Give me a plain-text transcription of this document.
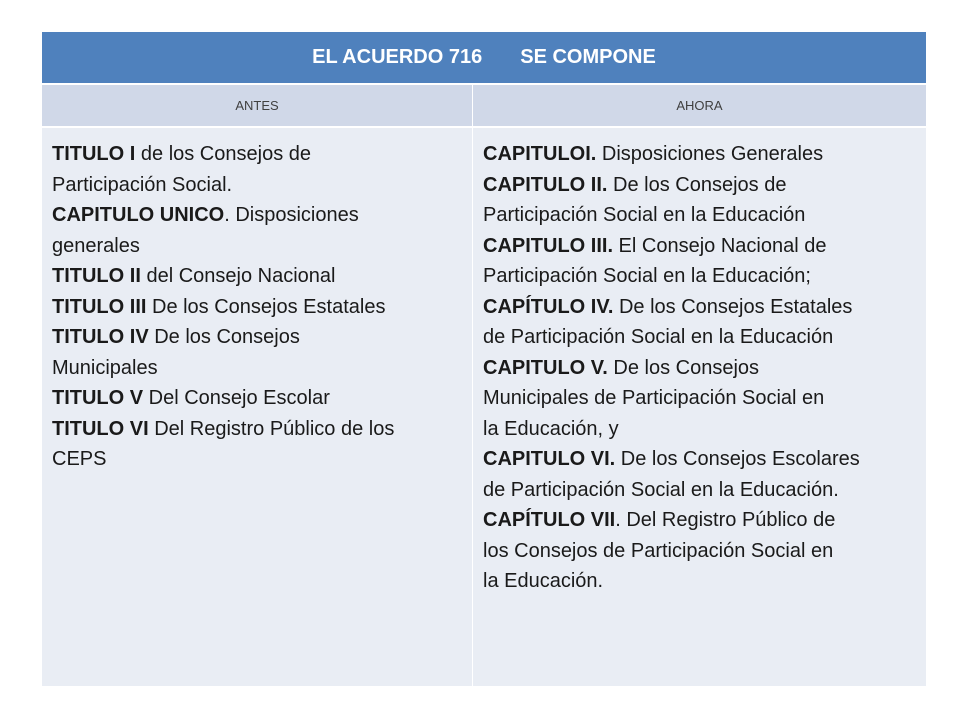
EL ACUERDO 716 SE COMPONE
ANTES	AHORA
TITULO I de los Consejos de
Participación Social.
CAPITULO UNICO. Disposiciones
generales
TITULO II del Consejo Nacional
TITULO III De los Consejos Estatales
TITULO IV De los Consejos
Municipales
TITULO V Del Consejo Escolar
TITULO VI Del Registro Público de los
CEPS
CAPITULOI. Disposiciones Generales
CAPITULO II. De los Consejos de
Participación Social en la Educación
CAPITULO III. El Consejo Nacional de
Participación Social en la Educación;
CAPÍTULO IV. De los Consejos Estatales
de Participación Social en la Educación
CAPITULO V. De los Consejos
Municipales de Participación Social en
la Educación, y
CAPITULO VI. De los Consejos Escolares
de Participación Social en la Educación.
CAPÍTULO VII. Del Registro Público de
los Consejos de Participación Social en
la Educación.
